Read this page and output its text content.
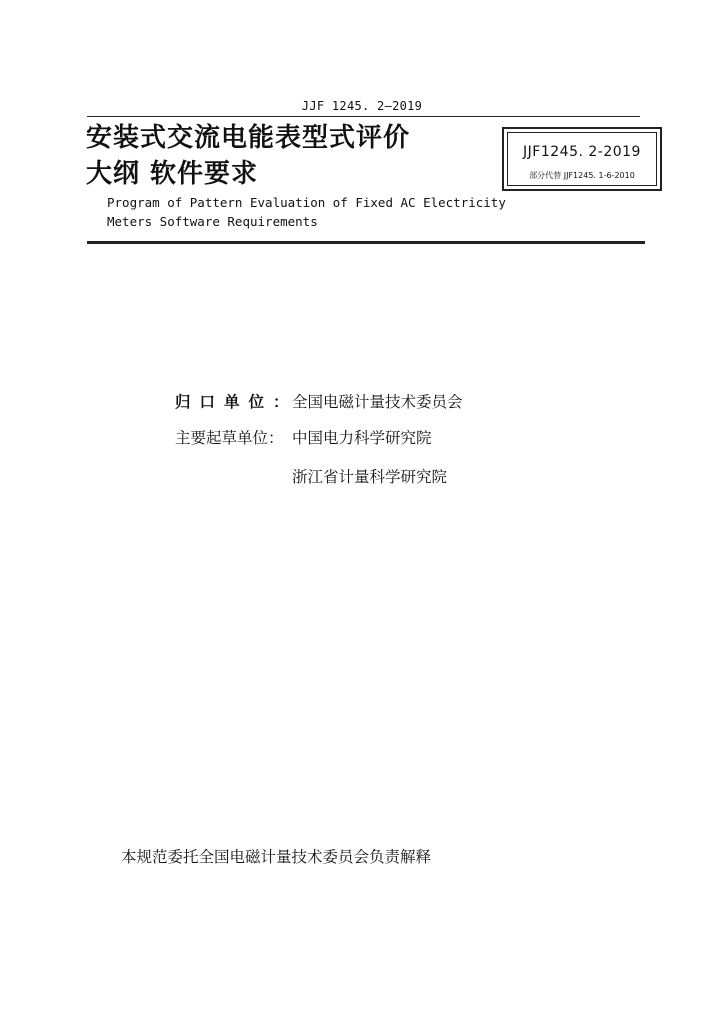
JJF 1245. 2—2019
安装式交流电能表型式评价
大纲 软件要求
Program of Pattern Evaluation of Fixed AC Electricity
Meters Software Requirements
JJF1245. 2-2019
部分代替 JJF1245. 1-6-2010
归口单位：
全国电磁计量技术委员会
主要起草单位： 中国电力科学研究院
浙江省计量科学研究院
本规范委托全国电磁计量技术委员会负责解释
